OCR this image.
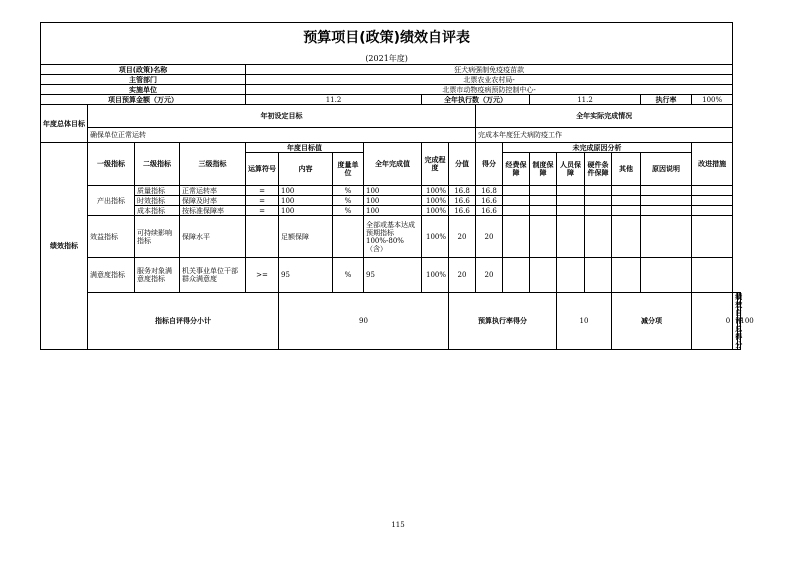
预算项目(政策)绩效自评表																			
(2021年度)																			
项目(政策)名称				狂犬病强制免疫疫苗款															
主管部门				北票农业农村局-															
实施单位				北票市动物疫病预防控制中心-															
项目预算金额（万元）				11.2				全年执行数（万元）				11.2				执行率	100%		
年度总体目标	年初设定目标									全年实际完成情况									
	确保单位正常运转									完成本年度狂犬病防疫工作									
绩效指标	一级指标	二级指标	三级指标	年度目标值			全年完成值	完成程度	分值	得分	未完成原因分析						改进措施		
				运算符号	内容	度量单位					经费保障	制度保障	人员保障	硬件条件保障	其他	原因说明			
	产出指标	质量指标	正常运转率	=	100	%	100	100%	16.8	16.8									
		时效指标	保障及时率	=	100	%	100	100%	16.6	16.6									
		成本指标	按标准保障率	=	100	%	100	100%	16.6	16.6									
	效益指标	可持续影响指标	保障水平		足额保障		全部或基本达成预期指标100%-80%（含）	100%	20	20									
	满意度指标	服务对象满意度指标	机关事业单位干部群众满意度	>=	95	%	95	100%	20	20									
	指标自评得分小计				90				预算执行率得分				10		减分项		0	绩效自评总得分	100
115
